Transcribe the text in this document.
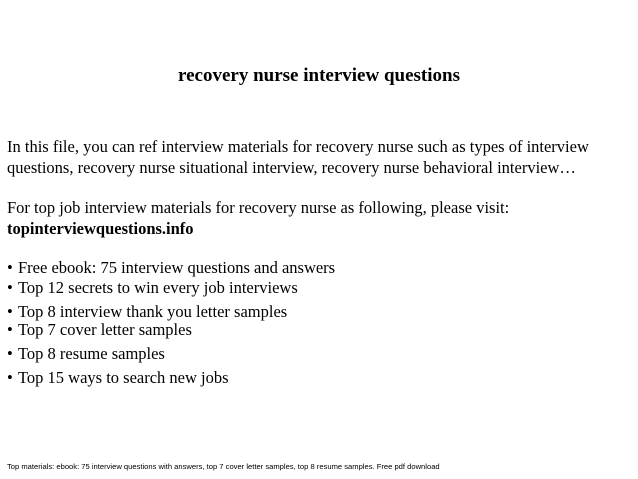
recovery nurse interview questions
In this file, you can ref interview materials for recovery nurse such as types of interview
questions, recovery nurse situational interview, recovery nurse behavioral interview…
For top job interview materials for recovery nurse as following, please visit:
topinterviewquestions.info
• Free ebook: 75 interview questions and answers
• Top 12 secrets to win every job interviews
• Top 8 interview thank you letter samples
• Top 7 cover letter samples
• Top 8 resume samples
• Top 15 ways to search new jobs
Top materials: ebook: 75 interview questions with answers, top 7 cover letter samples, top 8 resume samples. Free pdf download
